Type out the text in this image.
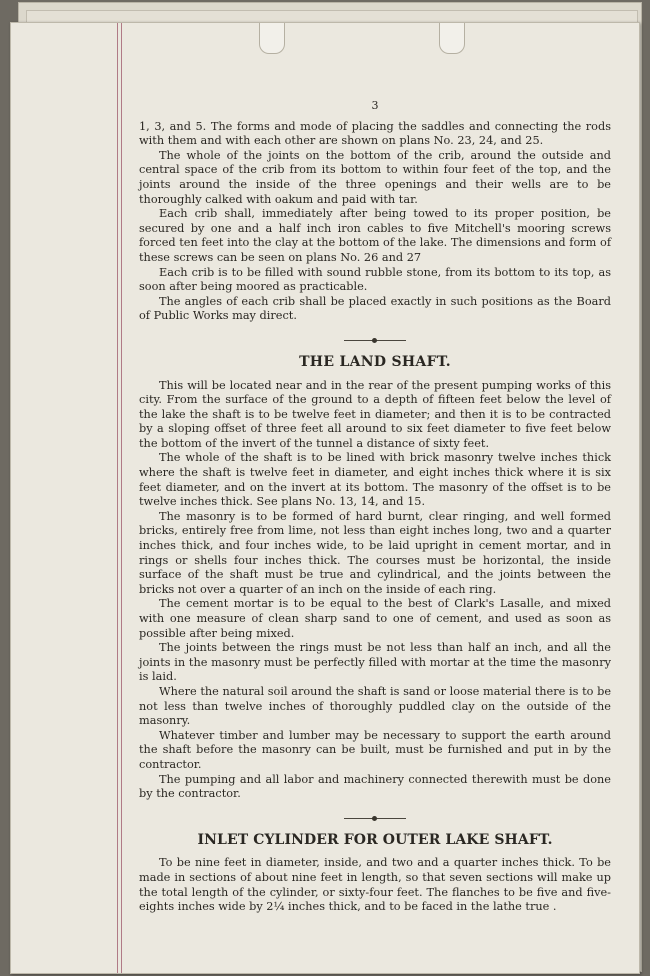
3

1, 3, and 5. The forms and mode of placing the saddles and connecting the rods with them and with each other are shown on plans No. 23, 24, and 25.

The whole of the joints on the bottom of the crib, around the outside and central space of the crib from its bottom to within four feet of the top, and the joints around the inside of the three openings and their wells are to be thoroughly calked with oakum and paid with tar.

Each crib shall, immediately after being towed to its proper position, be secured by one and a half inch iron cables to five Mitchell's mooring screws forced ten feet into the clay at the bottom of the lake. The dimensions and form of these screws can be seen on plans No. 26 and 27

Each crib is to be filled with sound rubble stone, from its bottom to its top, as soon after being moored as practicable.

The angles of each crib shall be placed exactly in such positions as the Board of Public Works may direct.

THE LAND SHAFT.

This will be located near and in the rear of the present pumping works of this city. From the surface of the ground to a depth of fifteen feet below the level of the lake the shaft is to be twelve feet in diameter; and then it is to be contracted by a sloping offset of three feet all around to six feet diameter to five feet below the bottom of the invert of the tunnel a distance of sixty feet.

The whole of the shaft is to be lined with brick masonry twelve inches thick where the shaft is twelve feet in diameter, and eight inches thick where it is six feet diameter, and on the invert at its bottom. The masonry of the offset is to be twelve inches thick. See plans No. 13, 14, and 15.

The masonry is to be formed of hard burnt, clear ringing, and well formed bricks, entirely free from lime, not less than eight inches long, two and a quarter inches thick, and four inches wide, to be laid upright in cement mortar, and in rings or shells four inches thick. The courses must be horizontal, the inside surface of the shaft must be true and cylindrical, and the joints between the bricks not over a quarter of an inch on the inside of each ring.

The cement mortar is to be equal to the best of Clark's Lasalle, and mixed with one measure of clean sharp sand to one of cement, and used as soon as possible after being mixed.

The joints between the rings must be not less than half an inch, and all the joints in the masonry must be perfectly filled with mortar at the time the masonry is laid.

Where the natural soil around the shaft is sand or loose material there is to be not less than twelve inches of thoroughly puddled clay on the outside of the masonry.

Whatever timber and lumber may be necessary to support the earth around the shaft before the masonry can be built, must be furnished and put in by the contractor.

The pumping and all labor and machinery connected therewith must be done by the contractor.

INLET CYLINDER FOR OUTER LAKE SHAFT.

To be nine feet in diameter, inside, and two and a quarter inches thick. To be made in sections of about nine feet in length, so that seven sections will make up the total length of the cylinder, or sixty-four feet. The flanches to be five and five-eights inches wide by 2¼ inches thick, and to be faced in the lathe true .
